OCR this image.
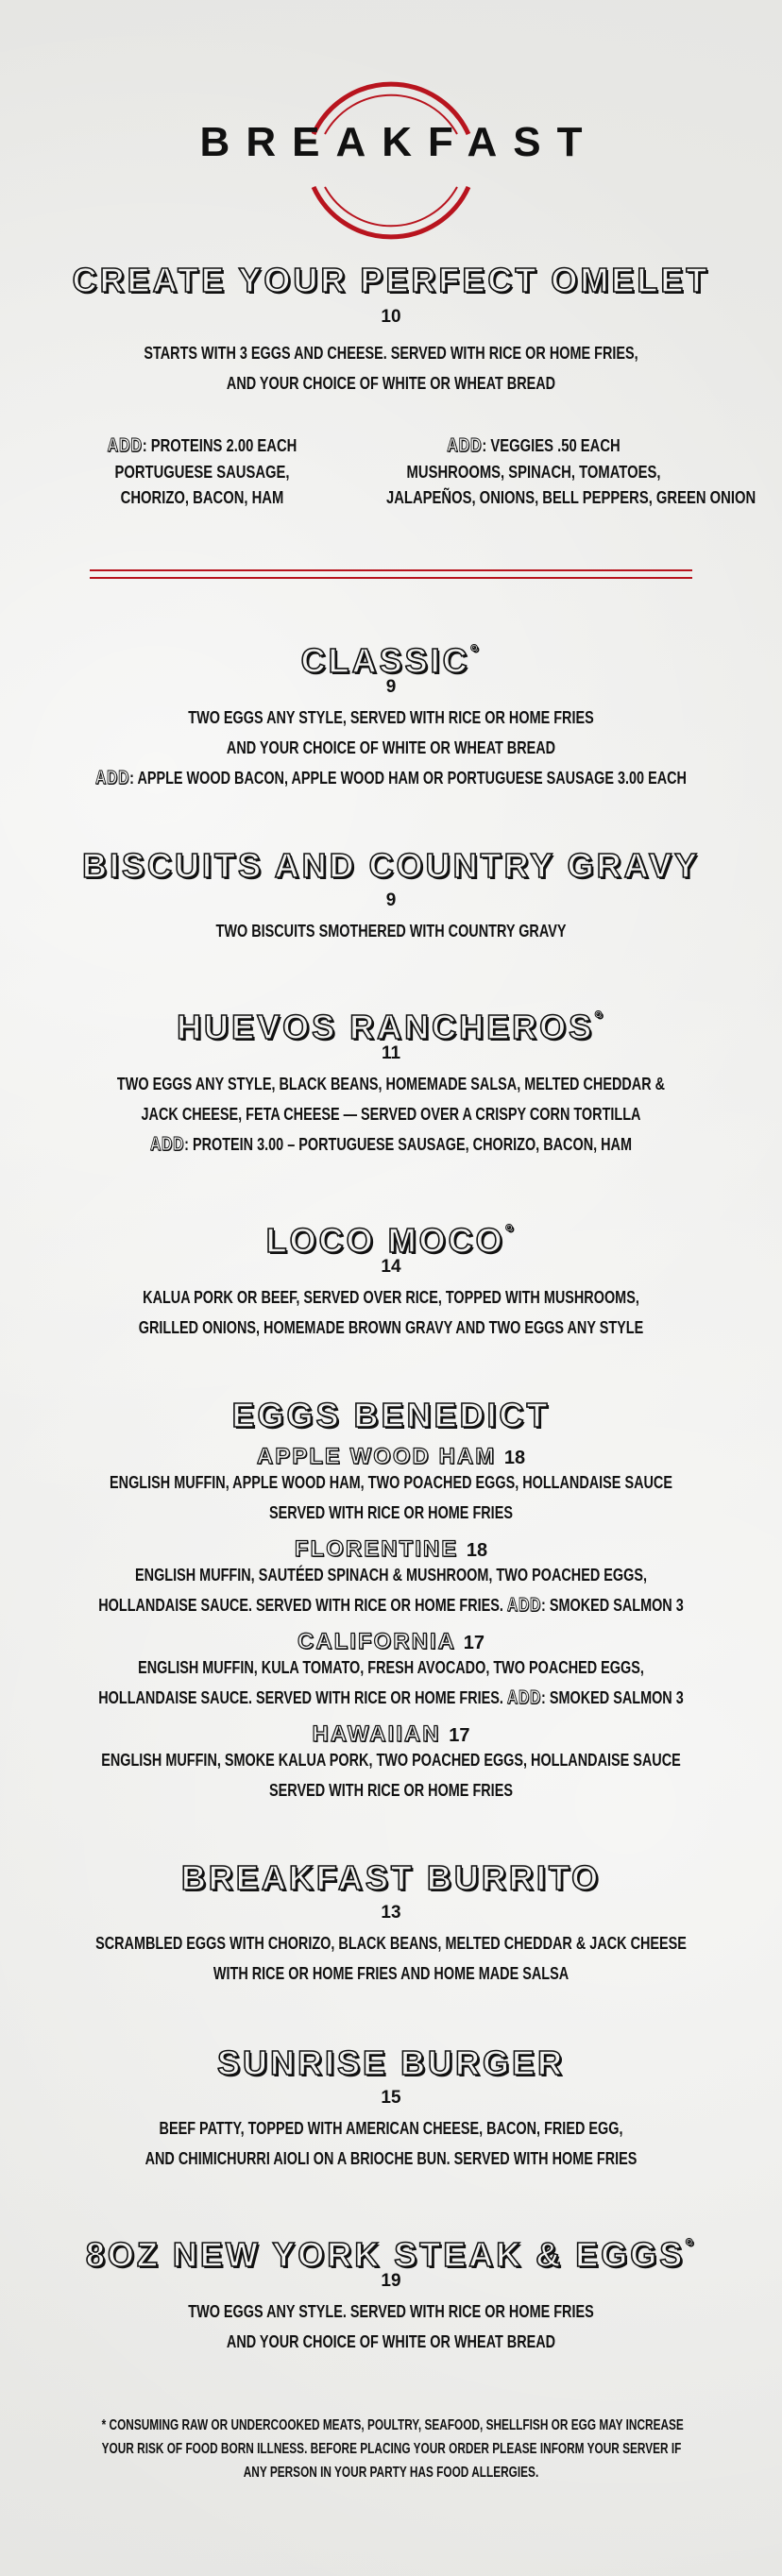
BREAKFAST
CREATE YOUR PERFECT OMELET
10
STARTS WITH 3 EGGS AND CHEESE. SERVED WITH RICE OR HOME FRIES,
AND YOUR CHOICE OF WHITE OR WHEAT BREAD
ADD: PROTEINS 2.00 EACH
PORTUGUESE SAUSAGE,
CHORIZO, BACON, HAM
ADD: VEGGIES .50 EACH
MUSHROOMS, SPINACH, TOMATOES,
JALAPEÑOS, ONIONS, BELL PEPPERS, GREEN ONION
CLASSIC°
9
TWO EGGS ANY STYLE, SERVED WITH RICE OR HOME FRIES
AND YOUR CHOICE OF WHITE OR WHEAT BREAD
ADD: APPLE WOOD BACON, APPLE WOOD HAM OR PORTUGUESE SAUSAGE 3.00 EACH
BISCUITS AND COUNTRY GRAVY
9
TWO BISCUITS SMOTHERED WITH COUNTRY GRAVY
HUEVOS RANCHEROS°
11
TWO EGGS ANY STYLE, BLACK BEANS, HOMEMADE SALSA, MELTED CHEDDAR &
JACK CHEESE, FETA CHEESE — SERVED OVER A CRISPY CORN TORTILLA
ADD: PROTEIN 3.00 – PORTUGUESE SAUSAGE, CHORIZO, BACON, HAM
LOCO MOCO°
14
KALUA PORK OR BEEF, SERVED OVER RICE, TOPPED WITH MUSHROOMS,
GRILLED ONIONS, HOMEMADE BROWN GRAVY AND TWO EGGS ANY STYLE
EGGS BENEDICT
APPLE WOOD HAM 18
ENGLISH MUFFIN, APPLE WOOD HAM, TWO POACHED EGGS, HOLLANDAISE SAUCE
SERVED WITH RICE OR HOME FRIES
FLORENTINE 18
ENGLISH MUFFIN, SAUTÉED SPINACH & MUSHROOM, TWO POACHED EGGS,
HOLLANDAISE SAUCE. SERVED WITH RICE OR HOME FRIES. ADD: SMOKED SALMON 3
CALIFORNIA 17
ENGLISH MUFFIN, KULA TOMATO, FRESH AVOCADO, TWO POACHED EGGS,
HOLLANDAISE SAUCE. SERVED WITH RICE OR HOME FRIES. ADD: SMOKED SALMON 3
HAWAIIAN 17
ENGLISH MUFFIN, SMOKE KALUA PORK, TWO POACHED EGGS, HOLLANDAISE SAUCE
SERVED WITH RICE OR HOME FRIES
BREAKFAST BURRITO
13
SCRAMBLED EGGS WITH CHORIZO, BLACK BEANS, MELTED CHEDDAR & JACK CHEESE
WITH RICE OR HOME FRIES AND HOME MADE SALSA
SUNRISE BURGER
15
BEEF PATTY, TOPPED WITH AMERICAN CHEESE, BACON, FRIED EGG,
AND CHIMICHURRI AIOLI ON A BRIOCHE BUN. SERVED WITH HOME FRIES
8OZ NEW YORK STEAK & EGGS°
19
TWO EGGS ANY STYLE. SERVED WITH RICE OR HOME FRIES
AND YOUR CHOICE OF WHITE OR WHEAT BREAD
* CONSUMING RAW OR UNDERCOOKED MEATS, POULTRY, SEAFOOD, SHELLFISH OR EGG MAY INCREASE
YOUR RISK OF FOOD BORN ILLNESS. BEFORE PLACING YOUR ORDER PLEASE INFORM YOUR SERVER IF
ANY PERSON IN YOUR PARTY HAS FOOD ALLERGIES.
